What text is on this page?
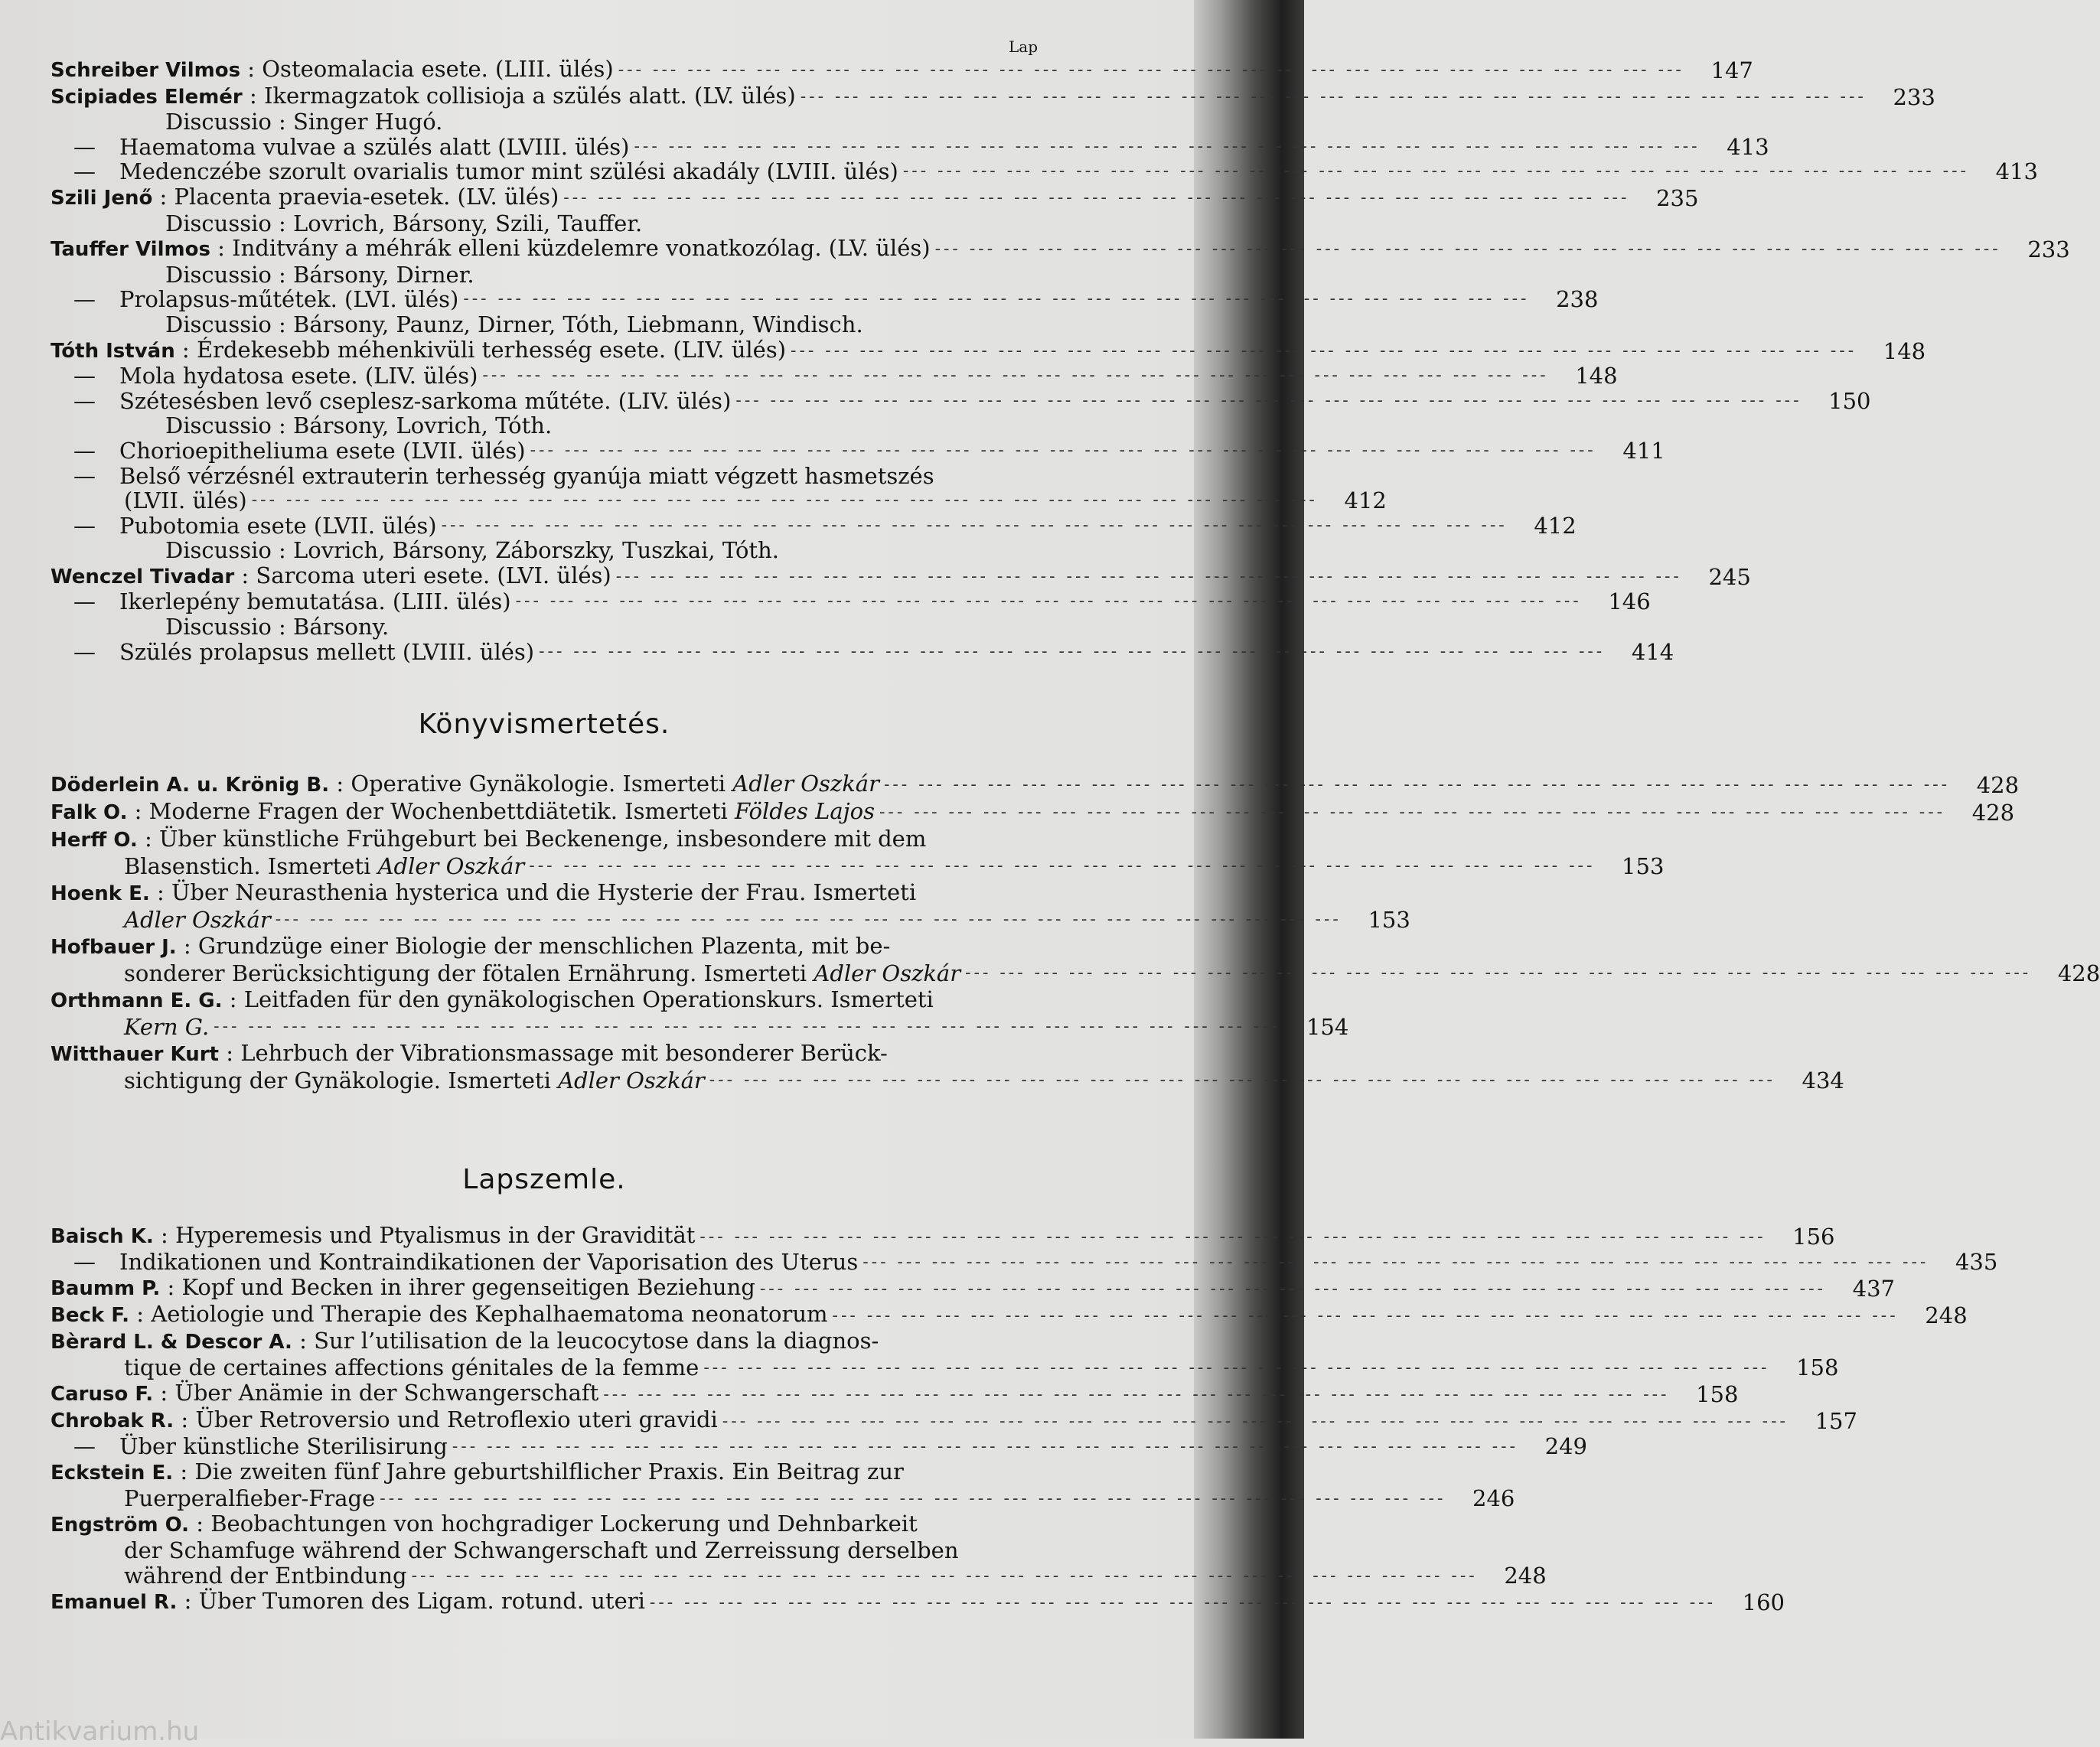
Lap
Schreiber Vilmos : Osteomalacia esete. (LIII. ülés) --- -	147
Scipiades Elemér : Ikermagzatok collisioja a szülés alatt. (LV. ülés) --- -	233
Discussio : Singer Hugó.
— Haematoma vulvae a szülés alatt (LVIII. ülés) --- -	413
— Medenczébe szorult ovarialis tumor mint szülési akadály (LVIII. ülés) --- -	413
Szili Jenő : Placenta praevia-esetek. (LV. ülés) --- -	235
Discussio : Lovrich, Bársony, Szili, Tauffer.
Tauffer Vilmos : Inditvány a méhrák elleni küzdelemre vonatkozólag. (LV. ülés) --- -	233
Discussio : Bársony, Dirner.
— Prolapsus-műtétek. (LVI. ülés) --- -	238
Discussio : Bársony, Paunz, Dirner, Tóth, Liebmann, Windisch.
Tóth István : Érdekesebb méhenkivüli terhesség esete. (LIV. ülés) --- -	148
— Mola hydatosa esete. (LIV. ülés) --- -	148
— Szétesésben levő cseplesz-sarkoma műtéte. (LIV. ülés) --- -	150
Discussio : Bársony, Lovrich, Tóth.
— Chorioepitheliuma esete (LVII. ülés) --- -	411
— Belső vérzésnél extrauterin terhesség gyanúja miatt végzett hasmetszés
(LVII. ülés) --- -	412
— Pubotomia esete (LVII. ülés) --- -	412
Discussio : Lovrich, Bársony, Záborszky, Tuszkai, Tóth.
Wenczel Tivadar : Sarcoma uteri esete. (LVI. ülés) --- -	245
— Ikerlepény bemutatása. (LIII. ülés) --- -	146
Discussio : Bársony.
— Szülés prolapsus mellett (LVIII. ülés) --- -	414
Könyvismertetés.
Döderlein A. u. Krönig B. : Operative Gynäkologie. Ismerteti Adler Oszkár --- -	428
Falk O. : Moderne Fragen der Wochenbettdiätetik. Ismerteti Földes Lajos --- -	428
Herff O. : Über künstliche Frühgeburt bei Beckenenge, insbesondere mit dem
Blasenstich. Ismerteti Adler Oszkár --- -	153
Hoenk E. : Über Neurasthenia hysterica und die Hysterie der Frau. Ismerteti
Adler Oszkár --- -	153
Hofbauer J. : Grundzüge einer Biologie der menschlichen Plazenta, mit be-
sonderer Berücksichtigung der fötalen Ernährung. Ismerteti Adler Oszkár --- -	428
Orthmann E. G. : Leitfaden für den gynäkologischen Operationskurs. Ismerteti
Kern G. --- -	154
Witthauer Kurt : Lehrbuch der Vibrationsmassage mit besonderer Berück-
sichtigung der Gynäkologie. Ismerteti Adler Oszkár --- -	434
Lapszemle.
Baisch K. : Hyperemesis und Ptyalismus in der Gravidität --- -	156
— Indikationen und Kontraindikationen der Vaporisation des Uterus --- -	435
Baumm P. : Kopf und Becken in ihrer gegenseitigen Beziehung --- -	437
Beck F. : Aetiologie und Therapie des Kephalhaematoma neonatorum --- -	248
Bèrard L. & Descor A. : Sur l’utilisation de la leucocytose dans la diagnos-
tique de certaines affections génitales de la femme --- -	158
Caruso F. : Über Anämie in der Schwangerschaft --- -	158
Chrobak R. : Über Retroversio und Retroflexio uteri gravidi --- -	157
— Über künstliche Sterilisirung --- -	249
Eckstein E. : Die zweiten fünf Jahre geburtshilflicher Praxis. Ein Beitrag zur
Puerperalfieber-Frage --- -	246
Engström O. : Beobachtungen von hochgradiger Lockerung und Dehnbarkeit
der Schamfuge während der Schwangerschaft und Zerreissung derselben
während der Entbindung --- -	248
Emanuel R. : Über Tumoren des Ligam. rotund. uteri --- -	160
Antikvarium.hu
